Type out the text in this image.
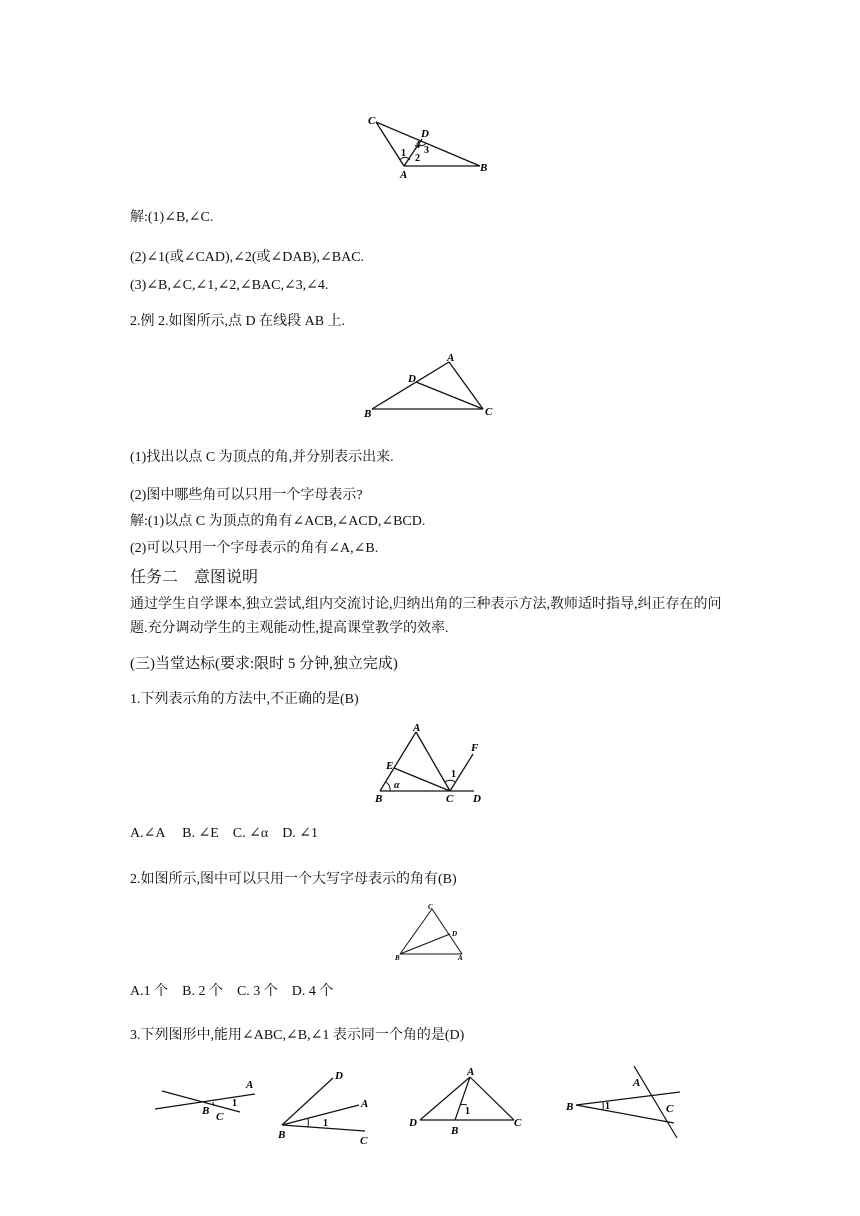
C
D
4 3
1 2
A
B
解:(1)∠B,∠C.
(2)∠1(或∠CAD),∠2(或∠DAB),∠BAC.
(3)∠B,∠C,∠1,∠2,∠BAC,∠3,∠4.
2.例 2.如图所示,点 D 在线段 AB 上.
A
D
B	C
(1)找出以点 C 为顶点的角,并分别表示出来.
(2)图中哪些角可以只用一个字母表示?
解:(1)以点 C 为顶点的角有∠ACB,∠ACD,∠BCD.
(2)可以只用一个字母表示的角有∠A,∠B.
任务二　意图说明
通过学生自学课本,独立尝试,组内交流讨论,归纳出角的三种表示方法,教师适时指导,纠正存在的问题.充分调动学生的主观能动性,提高课堂教学的效率.
(三)当堂达标(要求:限时 5 分钟,独立完成)
1.下列表示角的方法中,不正确的是(B)
A
F
E
1
α
B	C D
A.∠A　 B. ∠E　C. ∠α　D. ∠1
2.如图所示,图中可以只用一个大写字母表示的角有(B)
C
D
B	A
A.1 个　B. 2 个　C. 3 个　D. 4 个
3.下列图形中,能用∠ABC,∠B,∠1 表示同一个角的是(D)
A
B
1
C
D
A
B
1
C
A
1
D
B
C
A
B	1	C
